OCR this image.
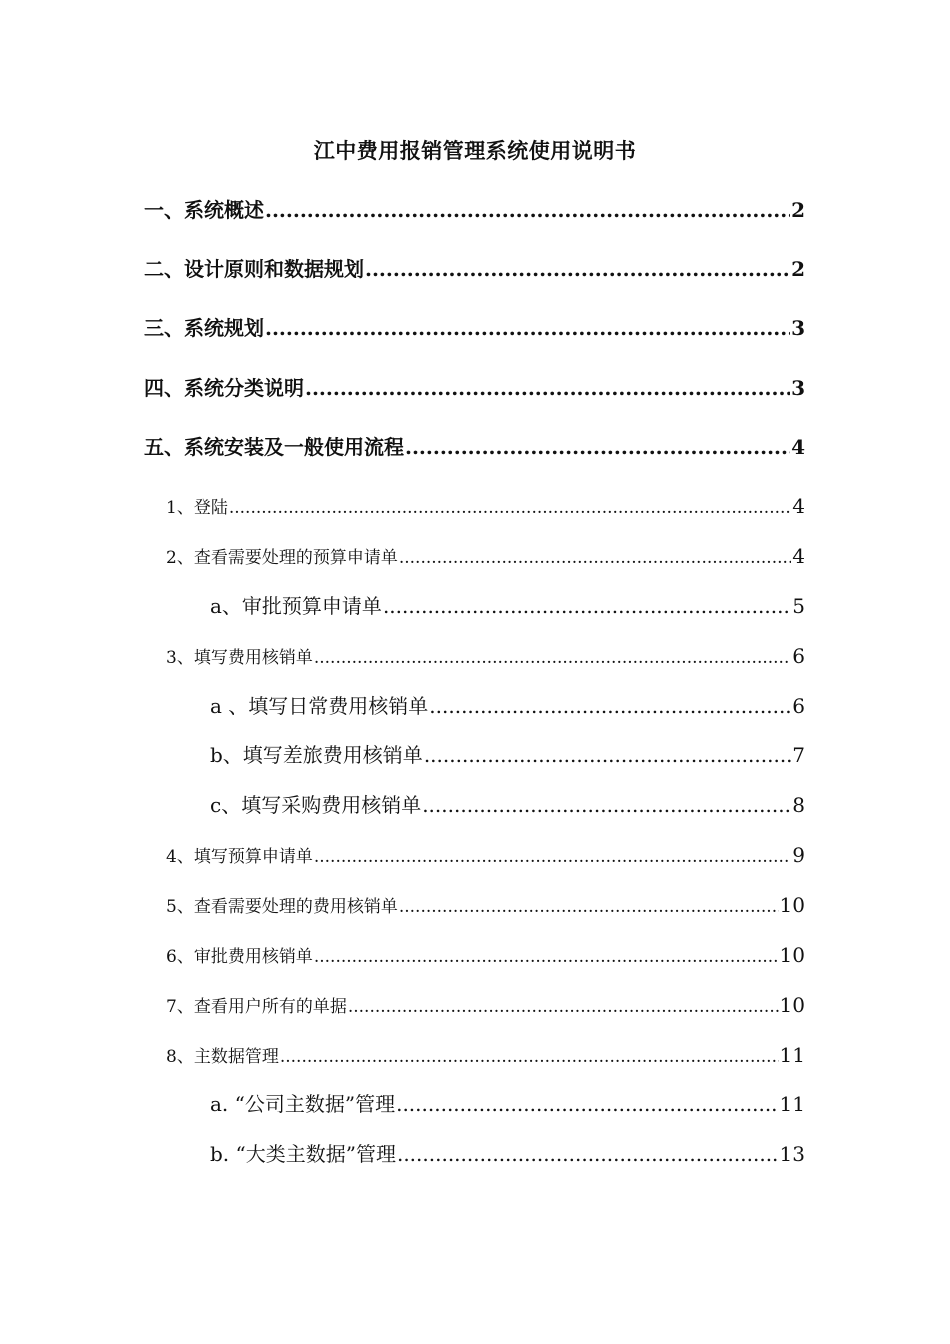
江中费用报销管理系统使用说明书
一、系统概述 .....	2
二、设计原则和数据规划 .....	2
三、系统规划 .....	3
四、系统分类说明 .....	3
五、系统安装及一般使用流程 .....	4
1、登陆 .....	4
2、查看需要处理的预算申请单 .....	4
a、审批预算申请单 .....	5
3、填写费用核销单 .....	6
a 、填写日常费用核销单 .....	6
b、填写差旅费用核销单 .....	7
c、填写采购费用核销单 .....	8
4、填写预算申请单 .....	9
5、查看需要处理的费用核销单 .....	10
6、审批费用核销单 .....	10
7、查看用户所有的单据 .....	10
8、主数据管理 .....	11
a. “公司主数据”管理 .....	11
b. “大类主数据”管理 .....	13
